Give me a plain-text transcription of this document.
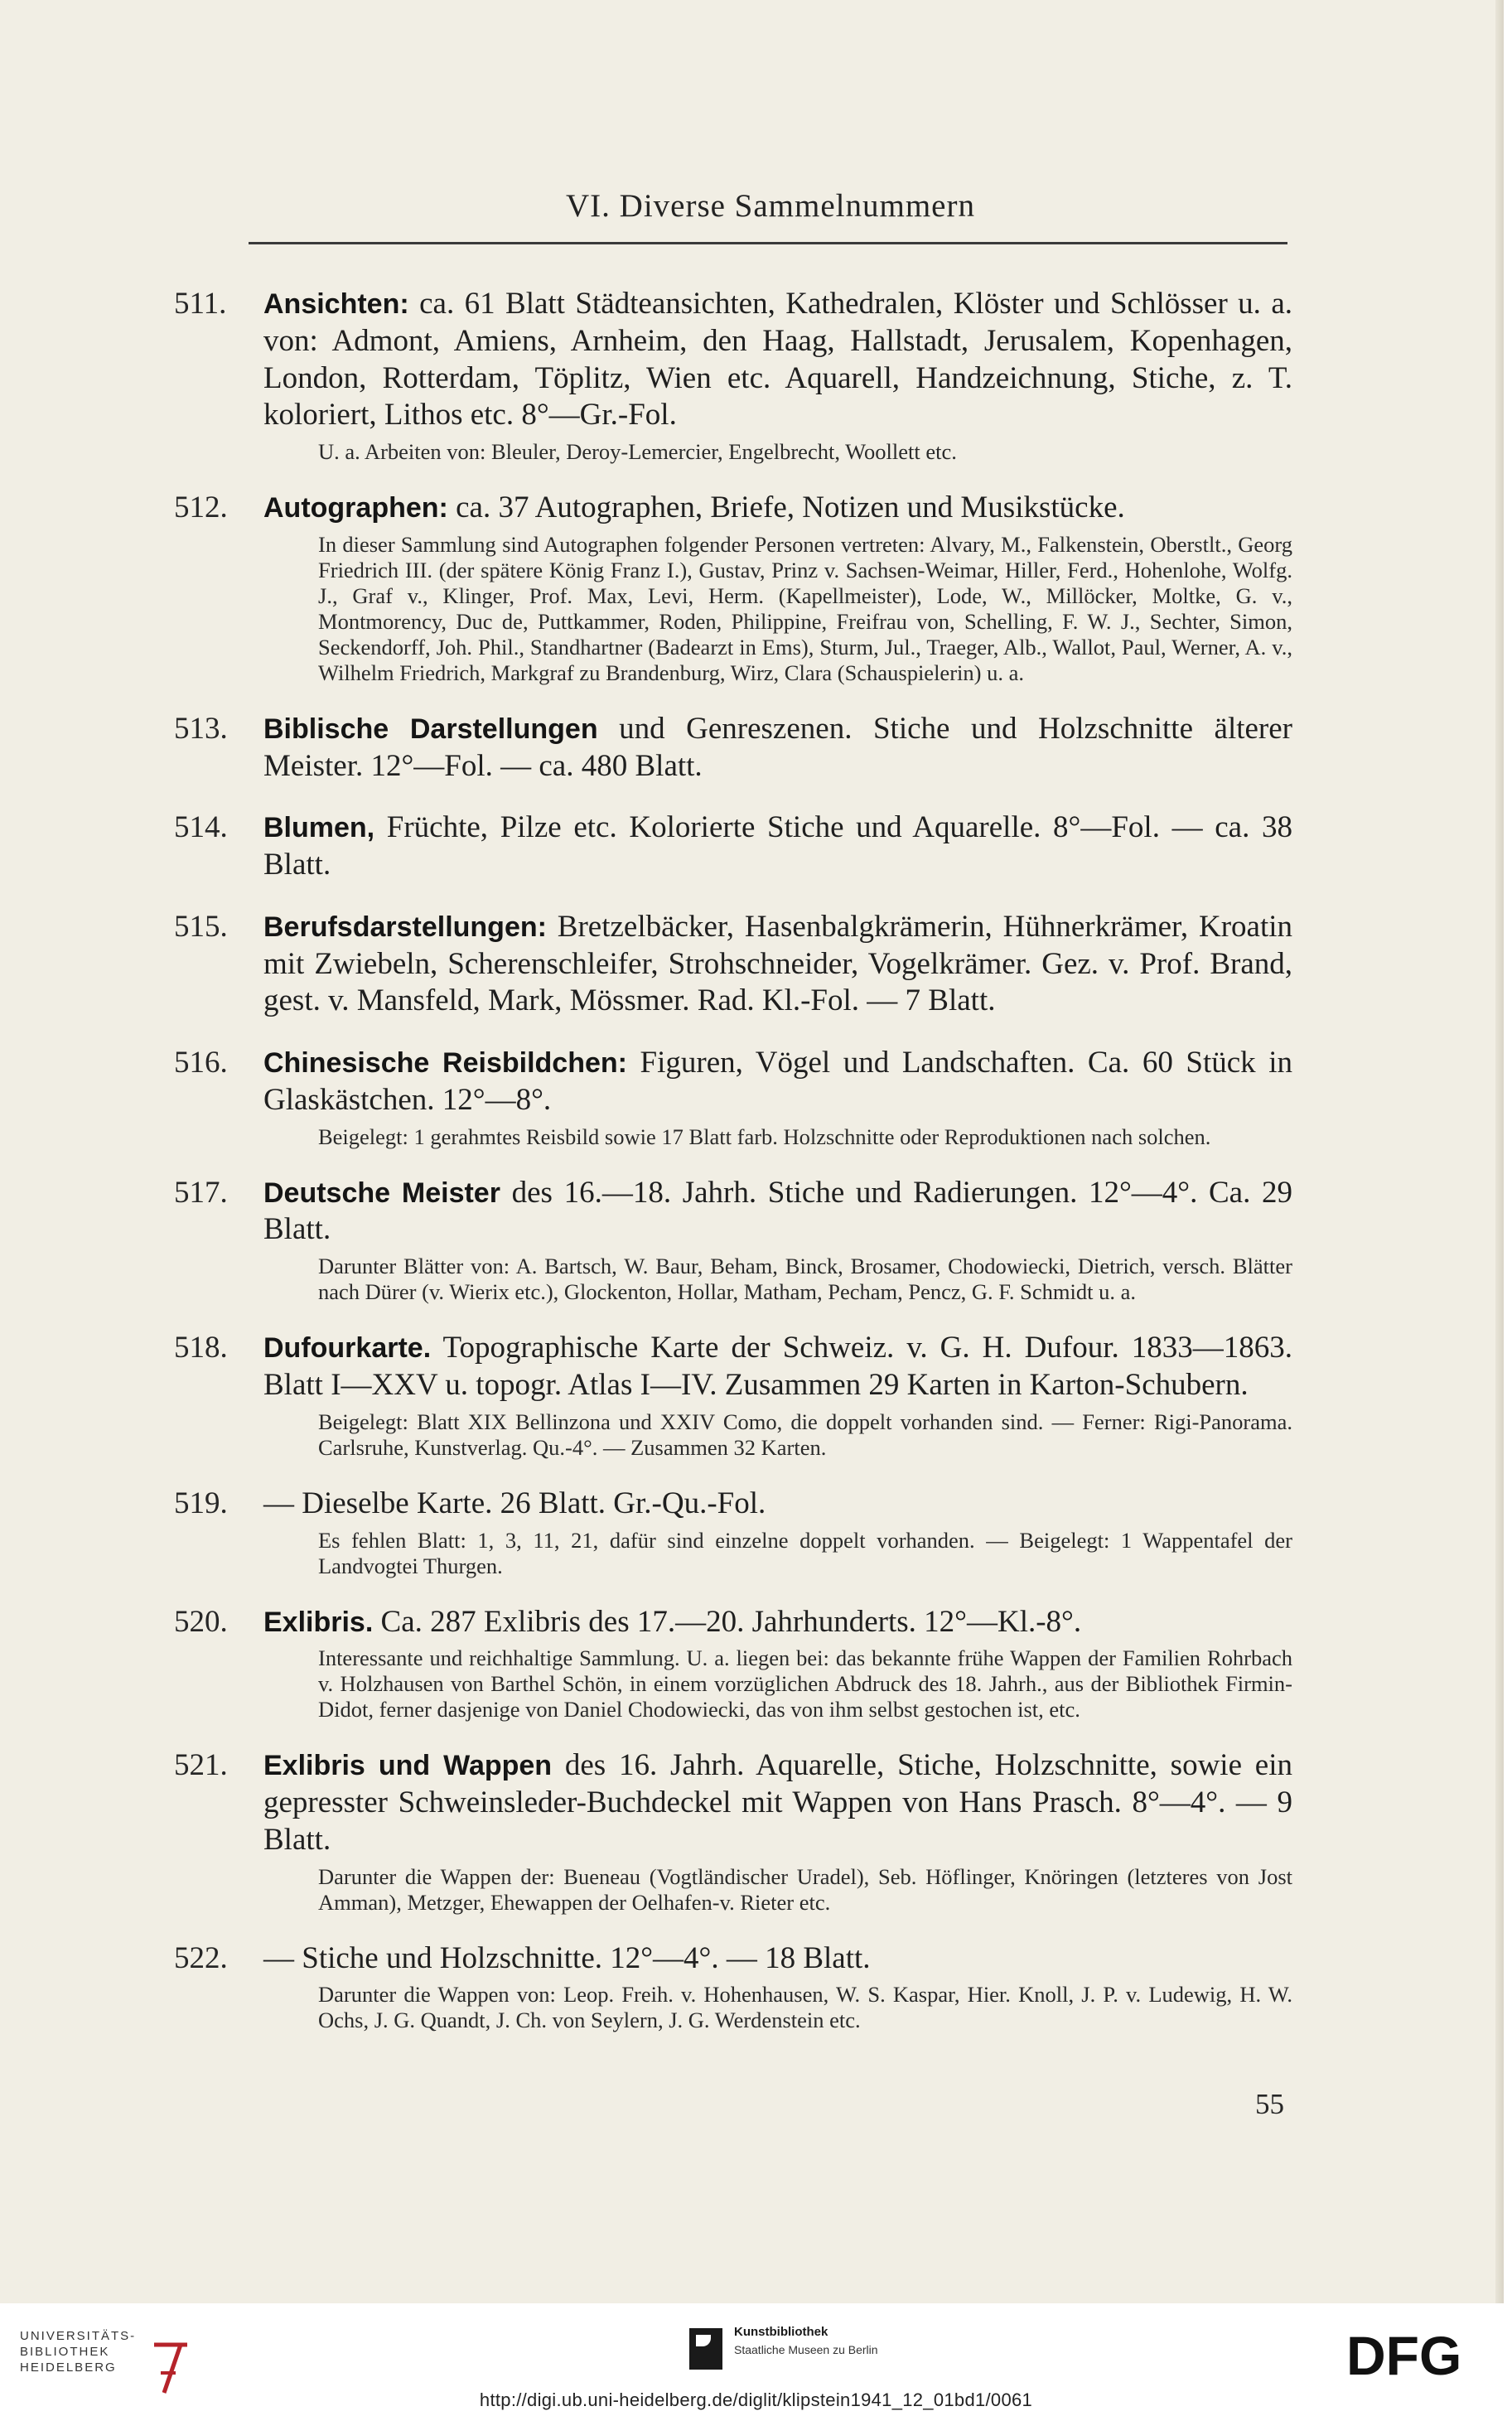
VI. Diverse Sammelnummern
511. Ansichten: ca. 61 Blatt Städteansichten, Kathedralen, Klöster und Schlösser u. a. von: Admont, Amiens, Arnheim, den Haag, Hallstadt, Jerusalem, Kopenhagen, London, Rotterdam, Töplitz, Wien etc. Aquarell, Handzeichnung, Stiche, z. T. koloriert, Lithos etc. 8°—Gr.-Fol.
U. a. Arbeiten von: Bleuler, Deroy-Lemercier, Engelbrecht, Woollett etc.
512. Autographen: ca. 37 Autographen, Briefe, Notizen und Musikstücke.
In dieser Sammlung sind Autographen folgender Personen vertreten: Alvary, M., Falkenstein, Oberstlt., Georg Friedrich III. (der spätere König Franz I.), Gustav, Prinz v. Sachsen-Weimar, Hiller, Ferd., Hohenlohe, Wolfg. J., Graf v., Klinger, Prof. Max, Levi, Herm. (Kapellmeister), Lode, W., Millöcker, Moltke, G. v., Montmorency, Duc de, Puttkammer, Roden, Philippine, Freifrau von, Schelling, F. W. J., Sechter, Simon, Seckendorff, Joh. Phil., Standhartner (Badearzt in Ems), Sturm, Jul., Traeger, Alb., Wallot, Paul, Werner, A. v., Wilhelm Friedrich, Markgraf zu Brandenburg, Wirz, Clara (Schauspielerin) u. a.
513. Biblische Darstellungen und Genreszenen. Stiche und Holzschnitte älterer Meister. 12°—Fol. — ca. 480 Blatt.
514. Blumen, Früchte, Pilze etc. Kolorierte Stiche und Aquarelle. 8°—Fol. — ca. 38 Blatt.
515. Berufsdarstellungen: Bretzelbäcker, Hasenbalgkrämerin, Hühnerkrämer, Kroatin mit Zwiebeln, Scherenschleifer, Strohschneider, Vogelkrämer. Gez. v. Prof. Brand, gest. v. Mansfeld, Mark, Mössmer. Rad. Kl.-Fol. — 7 Blatt.
516. Chinesische Reisbildchen: Figuren, Vögel und Landschaften. Ca. 60 Stück in Glaskästchen. 12°—8°.
Beigelegt: 1 gerahmtes Reisbild sowie 17 Blatt farb. Holzschnitte oder Reproduktionen nach solchen.
517. Deutsche Meister des 16.—18. Jahrh. Stiche und Radierungen. 12°—4°. Ca. 29 Blatt.
Darunter Blätter von: A. Bartsch, W. Baur, Beham, Binck, Brosamer, Chodowiecki, Dietrich, versch. Blätter nach Dürer (v. Wierix etc.), Glockenton, Hollar, Matham, Pecham, Pencz, G. F. Schmidt u. a.
518. Dufourkarte. Topographische Karte der Schweiz. v. G. H. Dufour. 1833—1863. Blatt I—XXV u. topogr. Atlas I—IV. Zusammen 29 Karten in Karton-Schubern.
Beigelegt: Blatt XIX Bellinzona und XXIV Como, die doppelt vorhanden sind. — Ferner: Rigi-Panorama. Carlsruhe, Kunstverlag. Qu.-4°. — Zusammen 32 Karten.
519. — Dieselbe Karte. 26 Blatt. Gr.-Qu.-Fol.
Es fehlen Blatt: 1, 3, 11, 21, dafür sind einzelne doppelt vorhanden. — Beigelegt: 1 Wappentafel der Landvogtei Thurgen.
520. Exlibris. Ca. 287 Exlibris des 17.—20. Jahrhunderts. 12°—Kl.-8°.
Interessante und reichhaltige Sammlung. U. a. liegen bei: das bekannte frühe Wappen der Familien Rohrbach v. Holzhausen von Barthel Schön, in einem vorzüglichen Abdruck des 18. Jahrh., aus der Bibliothek Firmin-Didot, ferner dasjenige von Daniel Chodowiecki, das von ihm selbst gestochen ist, etc.
521. Exlibris und Wappen des 16. Jahrh. Aquarelle, Stiche, Holzschnitte, sowie ein gepresster Schweinsleder-Buchdeckel mit Wappen von Hans Prasch. 8°—4°. — 9 Blatt.
Darunter die Wappen der: Bueneau (Vogtländischer Uradel), Seb. Höflinger, Knöringen (letzteres von Jost Amman), Metzger, Ehewappen der Oelhafen-v. Rieter etc.
522. — Stiche und Holzschnitte. 12°—4°. — 18 Blatt.
Darunter die Wappen von: Leop. Freih. v. Hohenhausen, W. S. Kaspar, Hier. Knoll, J. P. v. Ludewig, H. W. Ochs, J. G. Quandt, J. Ch. von Seylern, J. G. Werdenstein etc.
55
UNIVERSITÄTS-
BIBLIOTHEK
HEIDELBERG
Kunstbibliothek
Staatliche Museen zu Berlin	DFG
http://digi.ub.uni-heidelberg.de/diglit/klipstein1941_12_01bd1/0061
